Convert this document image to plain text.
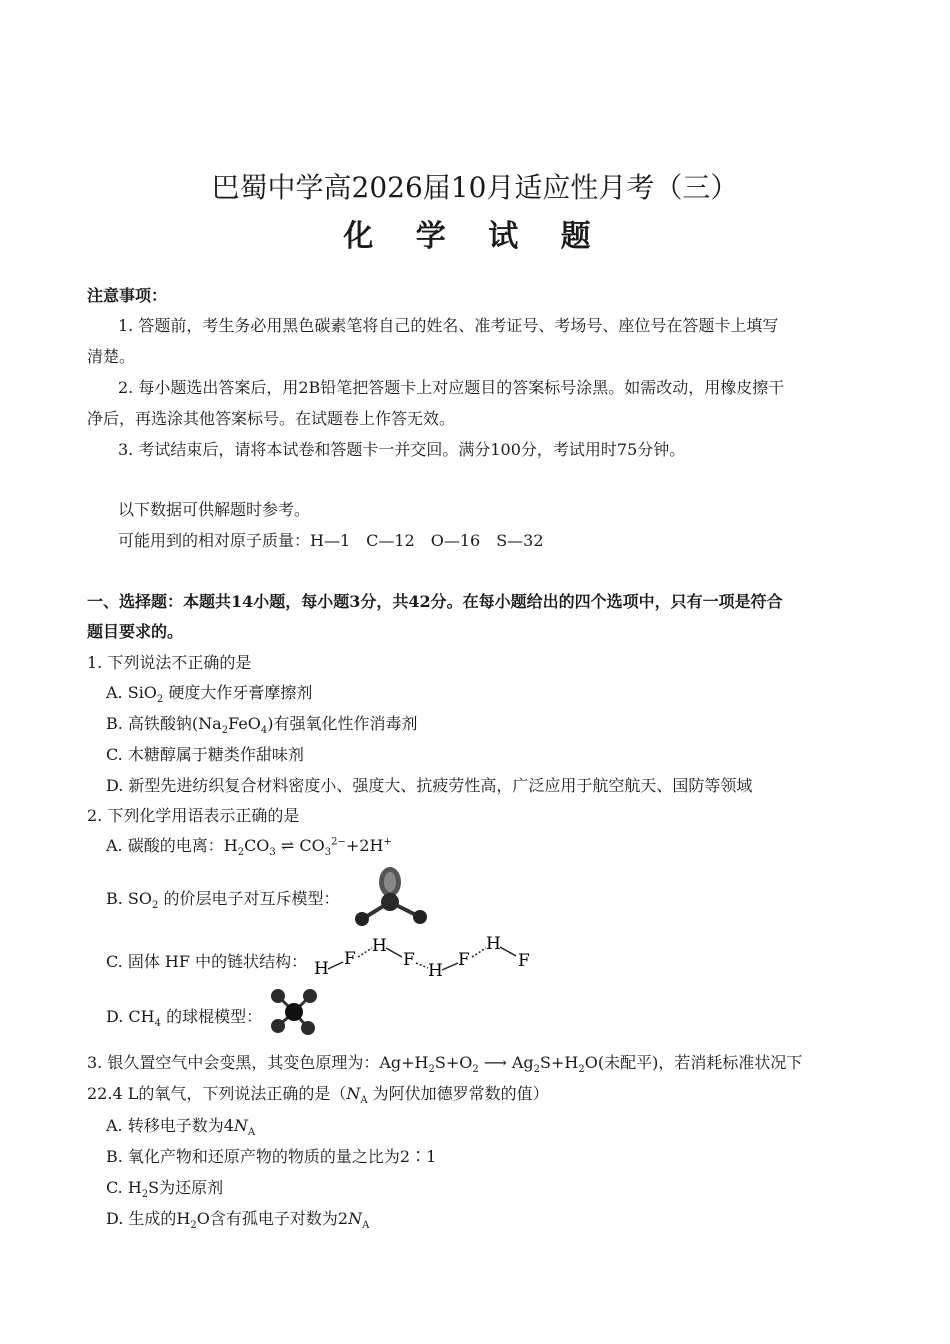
巴蜀中学高2026届10月适应性月考（三）
化 学 试 题
注意事项：
1. 答题前，考生务必用黑色碳素笔将自己的姓名、准考证号、考场号、座位号在答题卡上填写
清楚。
2. 每小题选出答案后，用2B铅笔把答题卡上对应题目的答案标号涂黑。如需改动，用橡皮擦干
净后，再选涂其他答案标号。在试题卷上作答无效。
3. 考试结束后，请将本试卷和答题卡一并交回。满分100分，考试用时75分钟。
以下数据可供解题时参考。
可能用到的相对原子质量：H—1　C—12　O—16　S—32
一、选择题：本题共14小题，每小题3分，共42分。在每小题给出的四个选项中，只有一项是符合
题目要求的。
1. 下列说法不正确的是
A. SiO$_2$ 硬度大作牙膏摩擦剂
B. 高铁酸钠$(Na_2FeO_4)$有强氧化性作消毒剂
C. 木糖醇属于糖类作甜味剂
D. 新型先进纺织复合材料密度小、强度大、抗疲劳性高，广泛应用于航空航天、国防等领域
2. 下列化学用语表示正确的是
A. 碳酸的电离：$H_2CO_3$ ⇌ $CO_3^{2-}+2H^+$
B. $SO_2$ 的价层电子对互斥模型：
C. 固体 HF 中的链状结构： H F
H
F
H
F
H
F
D. $CH_4$ 的球棍模型：
3. 银久置空气中会变黑，其变色原理为：$Ag+H_2S+O_2$ ⟶ $Ag_2S+H_2O$(未配平)，若消耗标准状况下
22.4 L的氧气，下列说法正确的是（$N_A$ 为阿伏加德罗常数的值）
A. 转移电子数为$4N_A$
B. 氧化产物和还原产物的物质的量之比为2∶1
C. $H_2S$为还原剂
D. 生成的$H_2O$含有孤电子对数为$2N_A$
